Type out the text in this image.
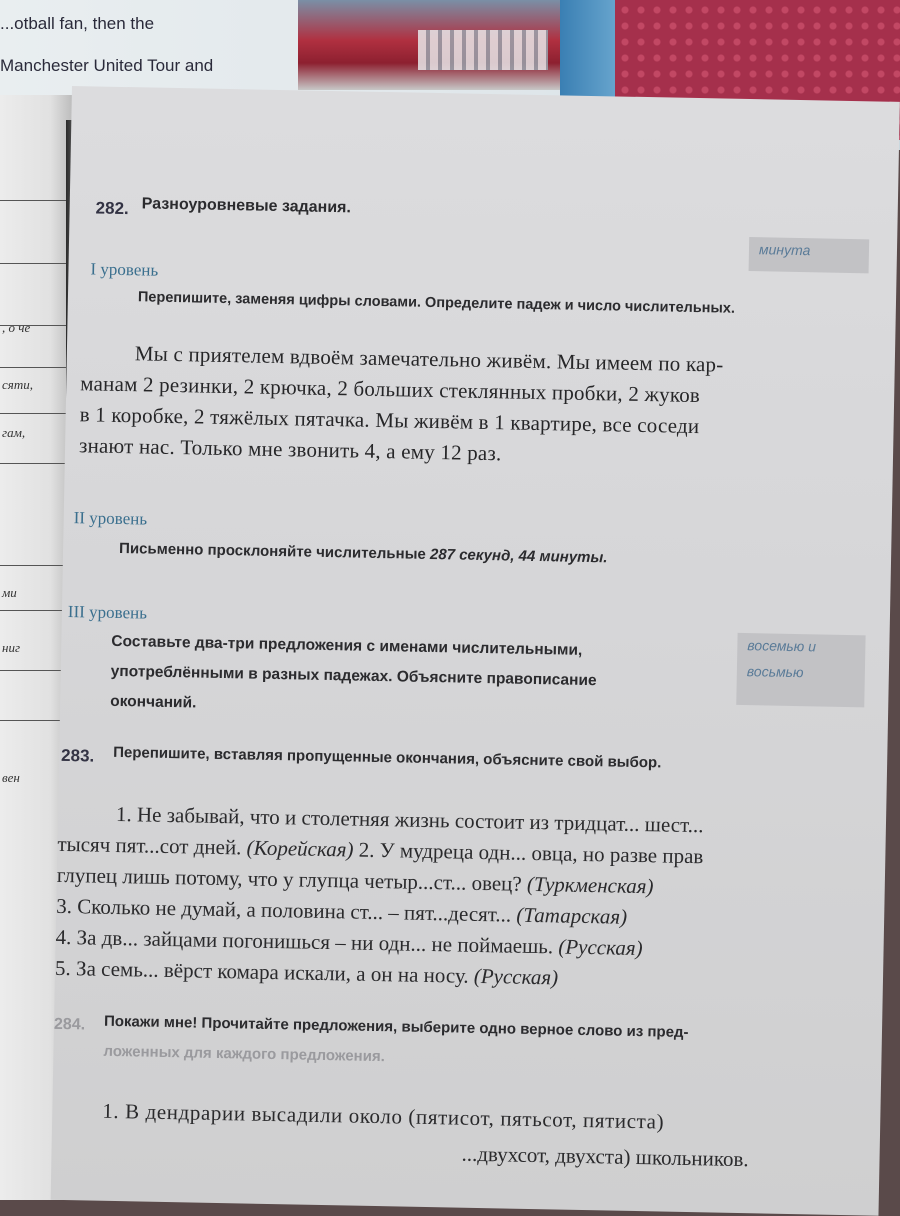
...otball fan, then the

Manchester United Tour and

, о че
сяти,
гам,
ми
ниг
вен
282. Разноуровневые задания.
минута
I уровень
Перепишите, заменяя цифры словами. Определите падеж и число числительных.
Мы с приятелем вдвоём замечательно живём. Мы имеем по кар-
манам 2 резинки, 2 крючка, 2 больших стеклянных пробки, 2 жуков
в 1 коробке, 2 тяжёлых пятачка. Мы живём в 1 квартире, все соседи
знают нас. Только мне звонить 4, а ему 12 раз.
II уровень
Письменно просклоняйте числительные 287 секунд, 44 минуты.
III уровень
Составьте два-три предложения с именами числительными,
употреблёнными в разных падежах. Объясните правописание
окончаний.
восемью и
восьмью
283. Перепишите, вставляя пропущенные окончания, объясните свой выбор.
1. Не забывай, что и столетняя жизнь состоит из тридцат... шест...
тысяч пят...сот дней. (Корейская) 2. У мудреца одн... овца, но разве прав
глупец лишь потому, что у глупца четыр...ст... овец? (Туркменская)
3. Сколько не думай, а половина ст... – пят...десят... (Татарская)
4. За дв... зайцами погонишься – ни одн... не поймаешь. (Русская)
5. За семь... вёрст комара искали, а он на носу. (Русская)
284. Покажи мне! Прочитайте предложения, выберите одно верное слово из пред-
ложенных для каждого предложения.
1. В дендрарии высадили около (пятисот, пятьсот, пятиста)
...двухсот, двухста) школьников.
